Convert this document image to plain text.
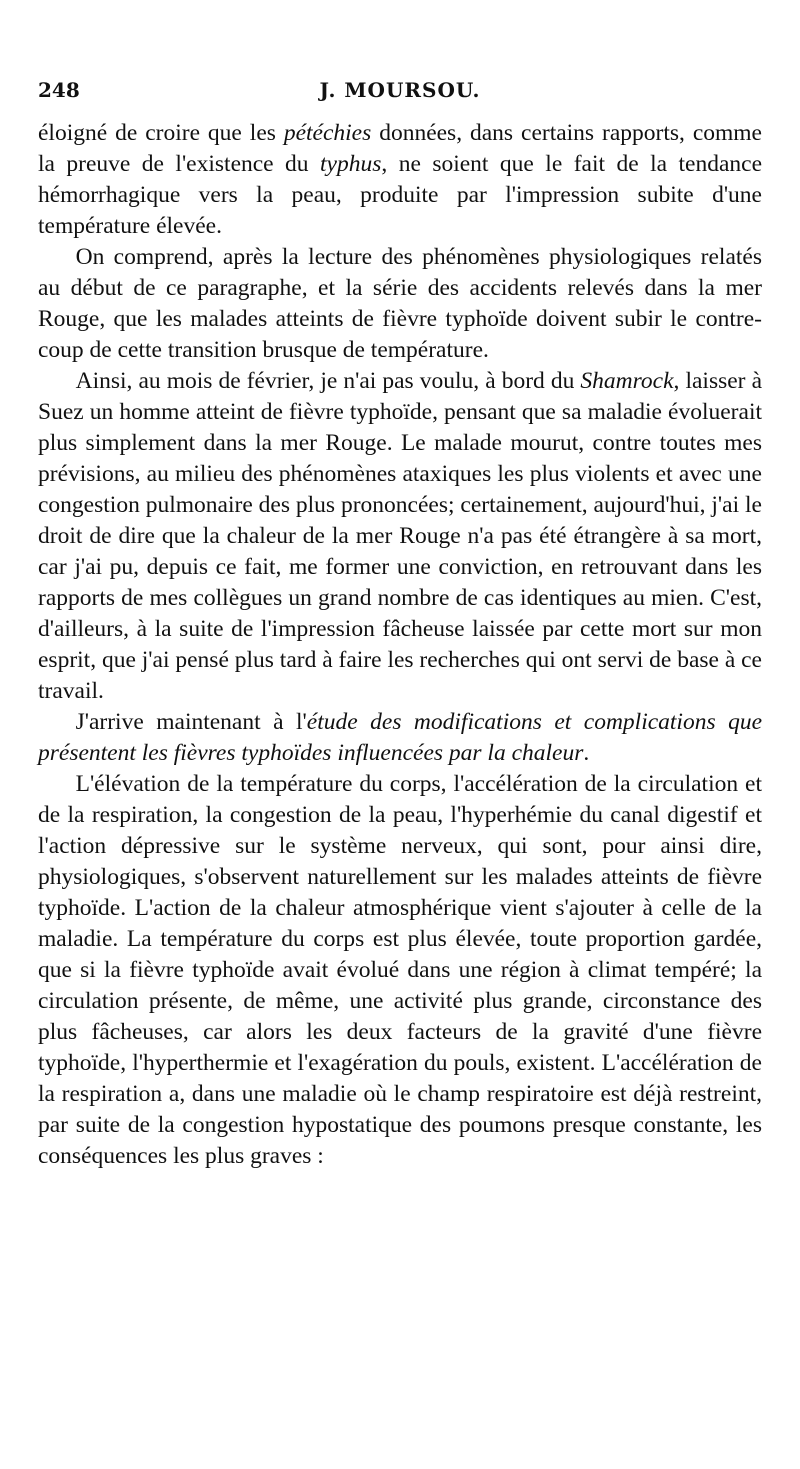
248	J. MOURSOU.

éloigné de croire que les pétéchies données, dans certains rapports, comme la preuve de l'existence du typhus, ne soient que le fait de la tendance hémorrhagique vers la peau, produite par l'impression subite d'une température élevée.

On comprend, après la lecture des phénomènes physiologiques relatés au début de ce paragraphe, et la série des accidents relevés dans la mer Rouge, que les malades atteints de fièvre typhoïde doivent subir le contre-coup de cette transition brusque de température.

Ainsi, au mois de février, je n'ai pas voulu, à bord du Shamrock, laisser à Suez un homme atteint de fièvre typhoïde, pensant que sa maladie évoluerait plus simplement dans la mer Rouge. Le malade mourut, contre toutes mes prévisions, au milieu des phénomènes ataxiques les plus violents et avec une congestion pulmonaire des plus prononcées; certainement, aujourd'hui, j'ai le droit de dire que la chaleur de la mer Rouge n'a pas été étrangère à sa mort, car j'ai pu, depuis ce fait, me former une conviction, en retrouvant dans les rapports de mes collègues un grand nombre de cas identiques au mien. C'est, d'ailleurs, à la suite de l'impression fâcheuse laissée par cette mort sur mon esprit, que j'ai pensé plus tard à faire les recherches qui ont servi de base à ce travail.

J'arrive maintenant à l'étude des modifications et complications que présentent les fièvres typhoïdes influencées par la chaleur.

L'élévation de la température du corps, l'accélération de la circulation et de la respiration, la congestion de la peau, l'hyperhémie du canal digestif et l'action dépressive sur le système nerveux, qui sont, pour ainsi dire, physiologiques, s'observent naturellement sur les malades atteints de fièvre typhoïde. L'action de la chaleur atmosphérique vient s'ajouter à celle de la maladie. La température du corps est plus élevée, toute proportion gardée, que si la fièvre typhoïde avait évolué dans une région à climat tempéré; la circulation présente, de même, une activité plus grande, circonstance des plus fâcheuses, car alors les deux facteurs de la gravité d'une fièvre typhoïde, l'hyperthermie et l'exagération du pouls, existent. L'accélération de la respiration a, dans une maladie où le champ respiratoire est déjà restreint, par suite de la congestion hypostatique des poumons presque constante, les conséquences les plus graves :
